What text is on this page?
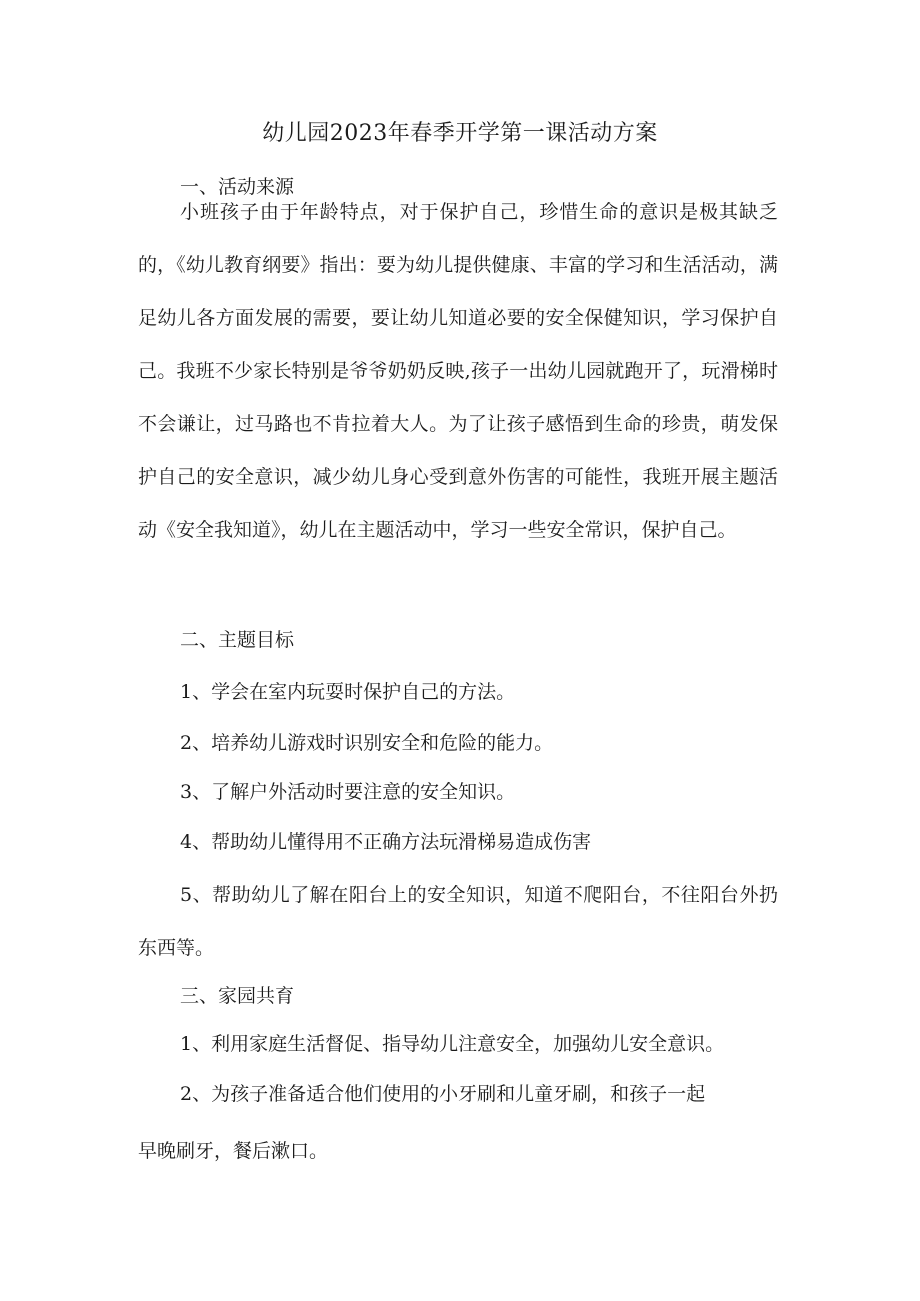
幼儿园2023年春季开学第一课活动方案
一、活动来源

小班孩子由于年龄特点，对于保护自己，珍惜生命的意识是极其缺乏的，《幼儿教育纲要》指出：要为幼儿提供健康、丰富的学习和生活活动，满足幼儿各方面发展的需要，要让幼儿知道必要的安全保健知识，学习保护自己。我班不少家长特别是爷爷奶奶反映,孩子一出幼儿园就跑开了，玩滑梯时不会谦让，过马路也不肯拉着大人。为了让孩子感悟到生命的珍贵，萌发保护自己的安全意识，减少幼儿身心受到意外伤害的可能性，我班开展主题活动《安全我知道》，幼儿在主题活动中，学习一些安全常识，保护自己。

二、主题目标
1、学会在室内玩耍时保护自己的方法。
2、培养幼儿游戏时识别安全和危险的能力。
3、了解户外活动时要注意的安全知识。
4、帮助幼儿懂得用不正确方法玩滑梯易造成伤害

5、帮助幼儿了解在阳台上的安全知识，知道不爬阳台，不往阳台外扔东西等。

三、家园共育
1、利用家庭生活督促、指导幼儿注意安全，加强幼儿安全意识。
2、为孩子准备适合他们使用的小牙刷和儿童牙刷，和孩子一起
早晚刷牙，餐后漱口。
